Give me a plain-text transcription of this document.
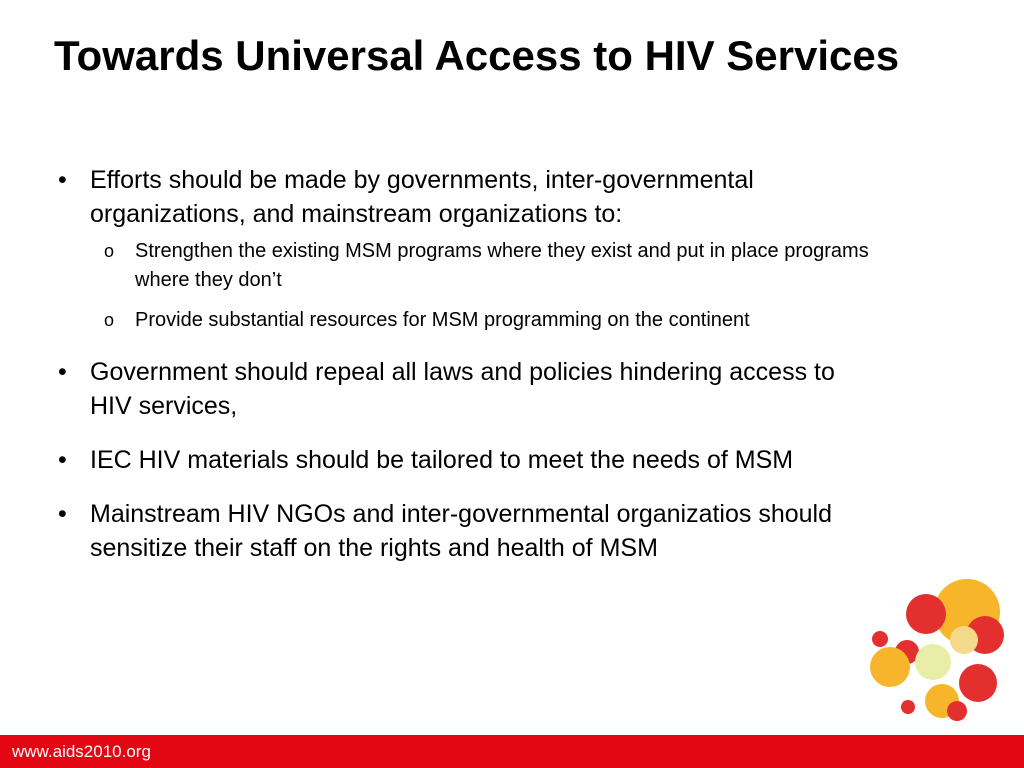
Towards Universal Access to HIV Services
• Efforts should be made by governments, inter-governmental organizations, and mainstream organizations to:
o Strengthen the existing MSM programs where they exist and put in place programs where they don’t
o Provide substantial resources for MSM programming on the continent
• Government should repeal all laws and policies hindering access to HIV services,
• IEC HIV materials should be tailored to meet the needs of MSM
• Mainstream HIV NGOs and inter-governmental organizatios should sensitize their staff on the rights and health of MSM
www.aids2010.org
